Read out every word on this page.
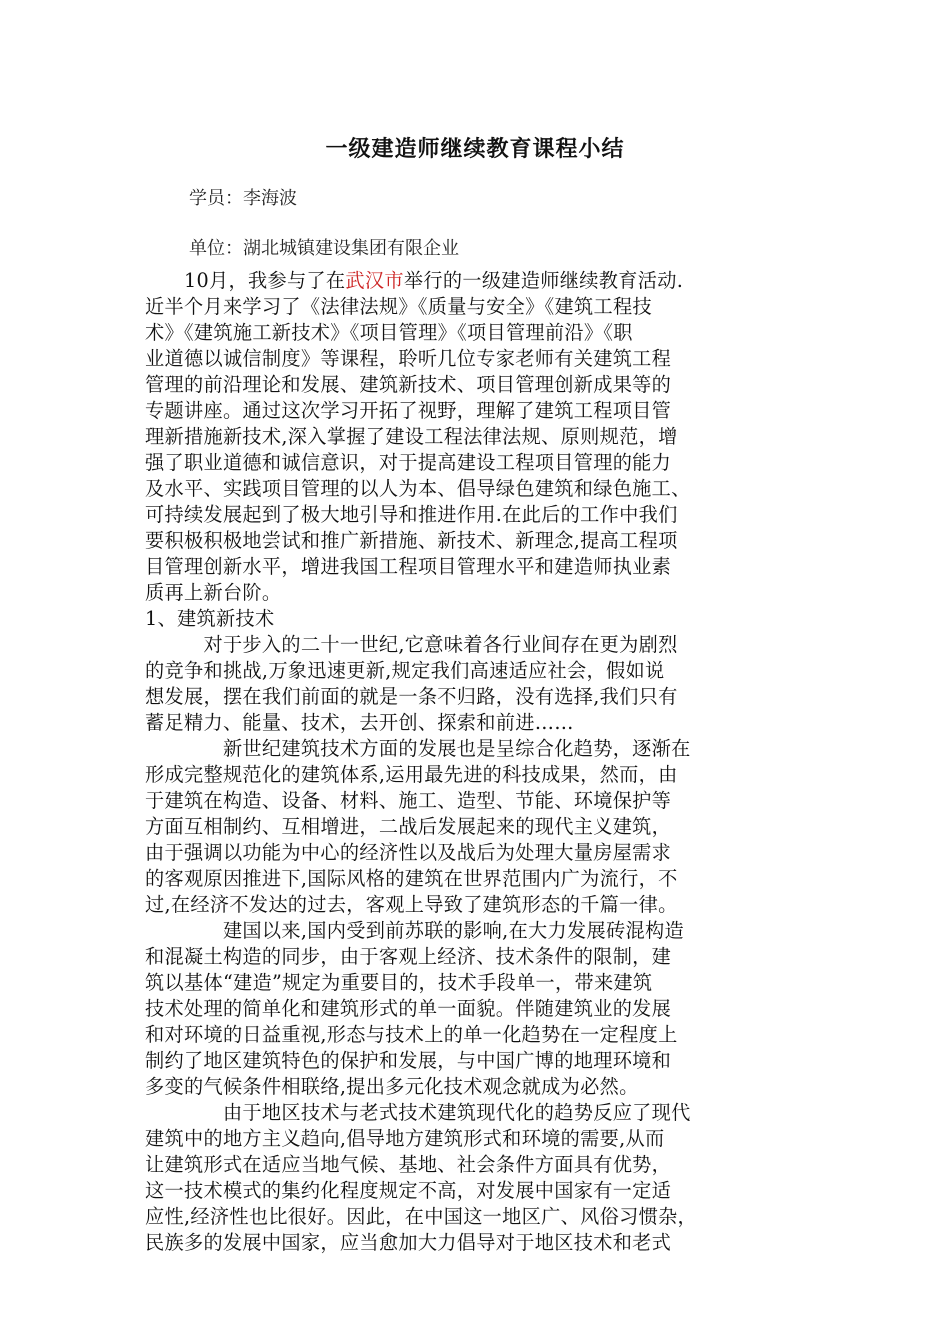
一级建造师继续教育课程小结
学员：李海波
单位：湖北城镇建设集团有限企业
　　10月，我参与了在武汉市举行的一级建造师继续教育活动.
近半个月来学习了《法律法规》《质量与安全》《建筑工程技
术》《建筑施工新技术》《项目管理》《项目管理前沿》《职
业道德以诚信制度》等课程，聆听几位专家老师有关建筑工程
管理的前沿理论和发展、建筑新技术、项目管理创新成果等的
专题讲座。通过这次学习开拓了视野，理解了建筑工程项目管
理新措施新技术,深入掌握了建设工程法律法规、原则规范，增
强了职业道德和诚信意识，对于提高建设工程项目管理的能力
及水平、实践项目管理的以人为本、倡导绿色建筑和绿色施工、
可持续发展起到了极大地引导和推进作用.在此后的工作中我们
要积极积极地尝试和推广新措施、新技术、新理念,提高工程项
目管理创新水平，增进我国工程项目管理水平和建造师执业素
质再上新台阶。
1、建筑新技术
　　　对于步入的二十一世纪,它意味着各行业间存在更为剧烈
的竞争和挑战,万象迅速更新,规定我们高速适应社会，假如说
想发展，摆在我们前面的就是一条不归路，没有选择,我们只有
蓄足精力、能量、技术，去开创、探索和前进……
　　　　新世纪建筑技术方面的发展也是呈综合化趋势，逐渐在
形成完整规范化的建筑体系,运用最先进的科技成果，然而，由
于建筑在构造、设备、材料、施工、造型、节能、环境保护等
方面互相制约、互相增进，二战后发展起来的现代主义建筑，
由于强调以功能为中心的经济性以及战后为处理大量房屋需求
的客观原因推进下,国际风格的建筑在世界范围内广为流行，不
过,在经济不发达的过去，客观上导致了建筑形态的千篇一律。
　　　　建国以来,国内受到前苏联的影响,在大力发展砖混构造
和混凝土构造的同步，由于客观上经济、技术条件的限制，建
筑以基体“建造”规定为重要目的，技术手段单一，带来建筑
技术处理的简单化和建筑形式的单一面貌。伴随建筑业的发展
和对环境的日益重视,形态与技术上的单一化趋势在一定程度上
制约了地区建筑特色的保护和发展，与中国广博的地理环境和
多变的气候条件相联络,提出多元化技术观念就成为必然。
　　　　由于地区技术与老式技术建筑现代化的趋势反应了现代
建筑中的地方主义趋向,倡导地方建筑形式和环境的需要,从而
让建筑形式在适应当地气候、基地、社会条件方面具有优势，
这一技术模式的集约化程度规定不高，对发展中国家有一定适
应性,经济性也比很好。因此，在中国这一地区广、风俗习惯杂，
民族多的发展中国家，应当愈加大力倡导对于地区技术和老式
